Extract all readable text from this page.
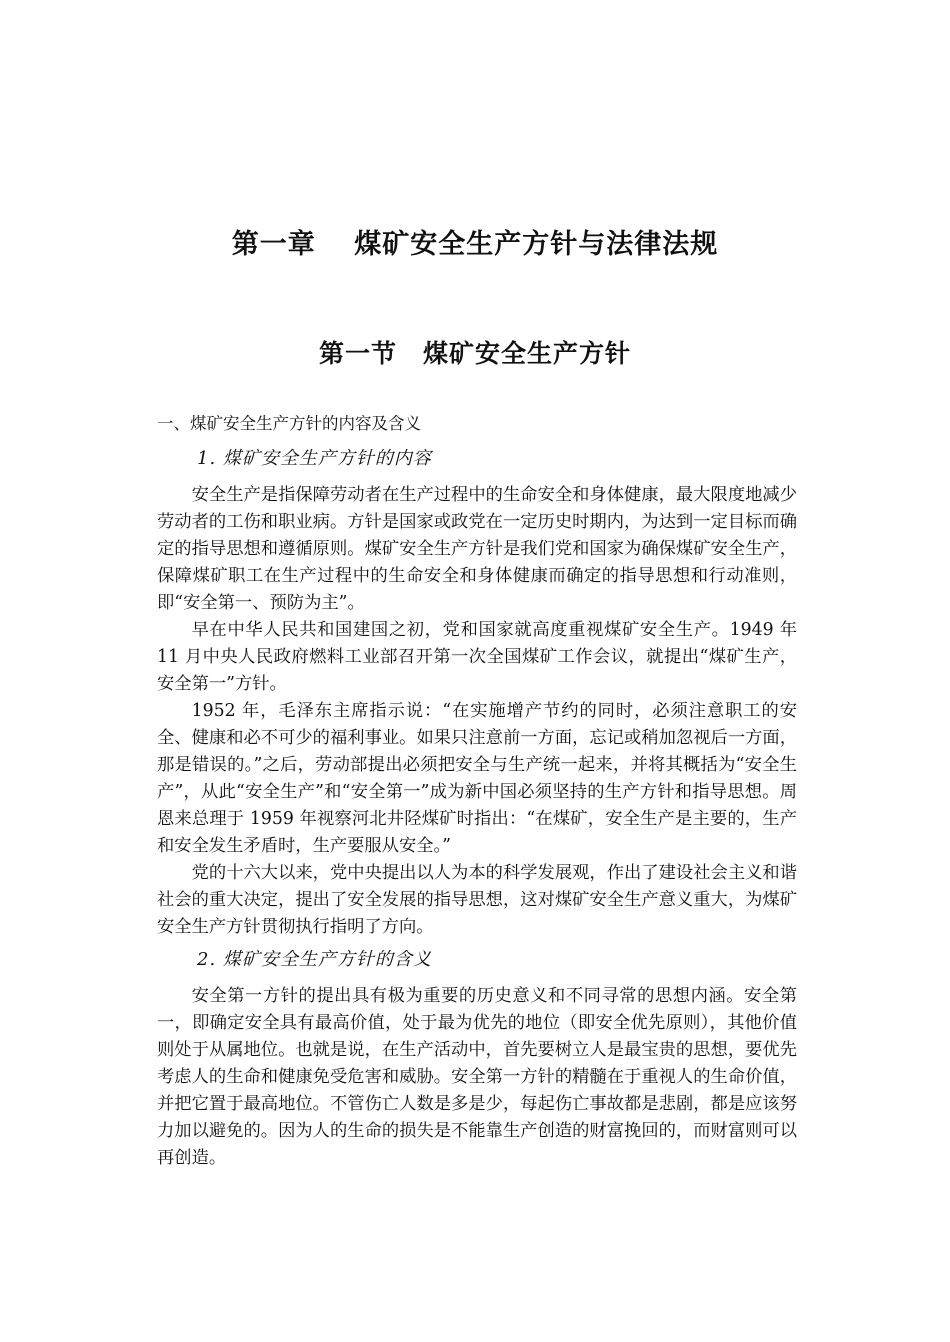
第一章　 煤矿安全生产方针与法律法规
第一节　煤矿安全生产方针

一、煤矿安全生产方针的内容及含义

1. 煤矿安全生产方针的内容

安全生产是指保障劳动者在生产过程中的生命安全和身体健康，最大限度地减少劳动者的工伤和职业病。方针是国家或政党在一定历史时期内，为达到一定目标而确定的指导思想和遵循原则。煤矿安全生产方针是我们党和国家为确保煤矿安全生产，保障煤矿职工在生产过程中的生命安全和身体健康而确定的指导思想和行动准则，即“安全第一、预防为主”。

早在中华人民共和国建国之初，党和国家就高度重视煤矿安全生产。1949 年 11 月中央人民政府燃料工业部召开第一次全国煤矿工作会议，就提出“煤矿生产，安全第一”方针。

1952 年，毛泽东主席指示说：“在实施增产节约的同时，必须注意职工的安全、健康和必不可少的福利事业。如果只注意前一方面，忘记或稍加忽视后一方面，那是错误的。”之后，劳动部提出必须把安全与生产统一起来，并将其概括为“安全生产”，从此“安全生产”和“安全第一”成为新中国必须坚持的生产方针和指导思想。周恩来总理于 1959 年视察河北井陉煤矿时指出：“在煤矿，安全生产是主要的，生产和安全发生矛盾时，生产要服从安全。”

党的十六大以来，党中央提出以人为本的科学发展观，作出了建设社会主义和谐社会的重大决定，提出了安全发展的指导思想，这对煤矿安全生产意义重大，为煤矿安全生产方针贯彻执行指明了方向。

2. 煤矿安全生产方针的含义

安全第一方针的提出具有极为重要的历史意义和不同寻常的思想内涵。安全第一，即确定安全具有最高价值，处于最为优先的地位（即安全优先原则），其他价值则处于从属地位。也就是说，在生产活动中，首先要树立人是最宝贵的思想，要优先考虑人的生命和健康免受危害和威胁。安全第一方针的精髓在于重视人的生命价值，并把它置于最高地位。不管伤亡人数是多是少，每起伤亡事故都是悲剧，都是应该努力加以避免的。因为人的生命的损失是不能靠生产创造的财富挽回的，而财富则可以再创造。
